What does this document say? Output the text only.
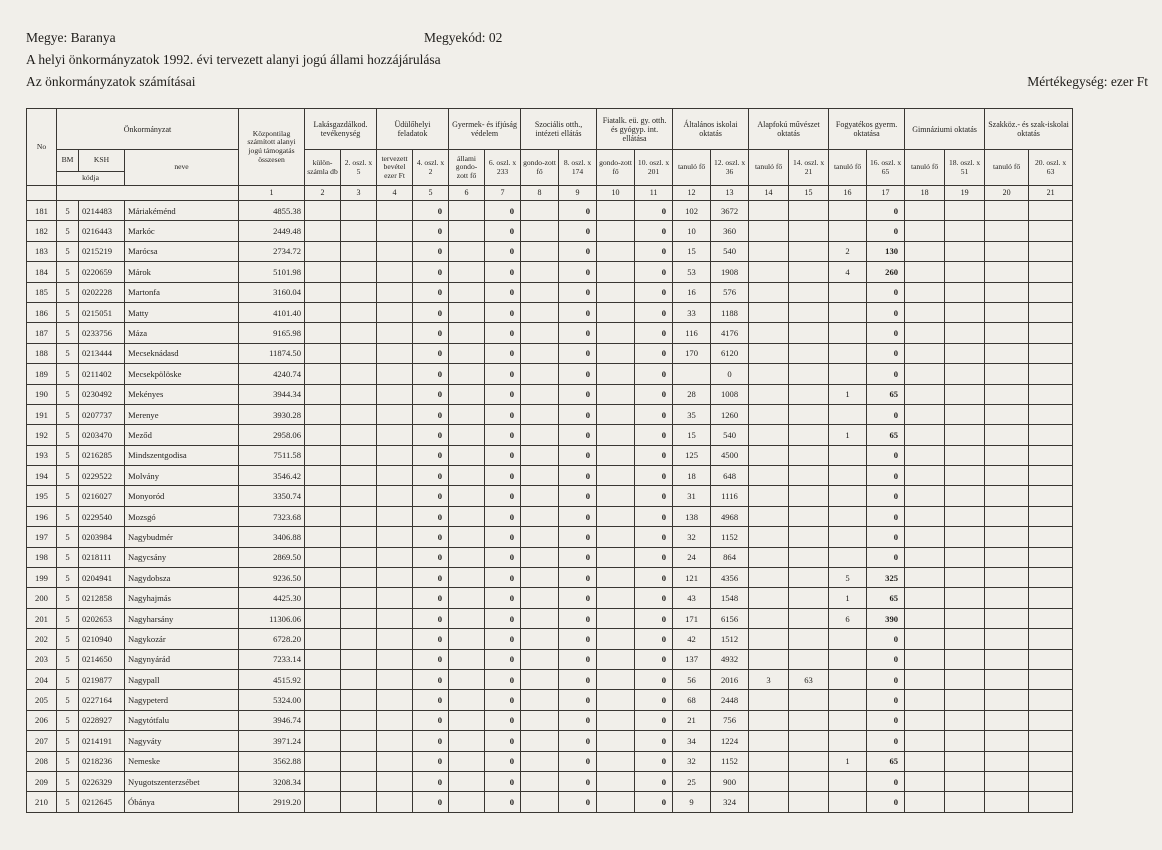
Megye: Baranya	Megyekód: 02
A helyi önkormányzatok 1992. évi tervezett alanyi jogú állami hozzájárulása
Az önkormányzatok számításai	Mértékegység: ezer Ft
No	Önkormányzat			Központilag számított alanyi jogú támogatás összesen	Lakásgazdálkod. tevékenység		Üdülőhelyi feladatok		Gyermek- és ifjúság védelem		Szociális otth., intézeti ellátás		Fiatalk. eü. gy. otth. és gyógyp. int. ellátása		Általános iskolai oktatás		Alapfokú művészet oktatás		Fogyatékos gyerm. oktatása		Gimnáziumi oktatás		Szakköz.- és szak-iskolai oktatás	
	BM	KSH	neve		külön-számla db	2. oszl. x 5	tervezett bevétel ezer Ft	4. oszl. x 2	állami gondo-zott fő	6. oszl. x 233	gondo-zott fő	8. oszl. x 174	gondo-zott fő	10. oszl. x 201	tanuló fő	12. oszl. x 36	tanuló fő	14. oszl. x 21	tanuló fő	16. oszl. x 65	tanuló fő	18. oszl. x 51	tanuló fő	20. oszl. x 63
	kódja																							
				1	2	3	4	5	6	7	8	9	10	11	12	13	14	15	16	17	18	19	20	21
181	5	0214483	Máriakéménd	4855.38				0		0		0		0	102	3672				0				
182	5	0216443	Markóc	2449.48				0		0		0		0	10	360				0				
183	5	0215219	Marócsa	2734.72				0		0		0		0	15	540			2	130				
184	5	0220659	Márok	5101.98				0		0		0		0	53	1908			4	260				
185	5	0202228	Martonfa	3160.04				0		0		0		0	16	576				0				
186	5	0215051	Matty	4101.40				0		0		0		0	33	1188				0				
187	5	0233756	Máza	9165.98				0		0		0		0	116	4176				0				
188	5	0213444	Mecseknádasd	11874.50				0		0		0		0	170	6120				0				
189	5	0211402	Mecsekpölöske	4240.74				0		0		0		0		0				0				
190	5	0230492	Mekényes	3944.34				0		0		0		0	28	1008			1	65				
191	5	0207737	Merenye	3930.28				0		0		0		0	35	1260				0				
192	5	0203470	Meződ	2958.06				0		0		0		0	15	540			1	65				
193	5	0216285	Mindszentgodisa	7511.58				0		0		0		0	125	4500				0				
194	5	0229522	Molvány	3546.42				0		0		0		0	18	648				0				
195	5	0216027	Monyoród	3350.74				0		0		0		0	31	1116				0				
196	5	0229540	Mozsgó	7323.68				0		0		0		0	138	4968				0				
197	5	0203984	Nagybudmér	3406.88				0		0		0		0	32	1152				0				
198	5	0218111	Nagycsány	2869.50				0		0		0		0	24	864				0				
199	5	0204941	Nagydobsza	9236.50				0		0		0		0	121	4356			5	325				
200	5	0212858	Nagyhajmás	4425.30				0		0		0		0	43	1548			1	65				
201	5	0202653	Nagyharsány	11306.06				0		0		0		0	171	6156			6	390				
202	5	0210940	Nagykozár	6728.20				0		0		0		0	42	1512				0				
203	5	0214650	Nagynyárád	7233.14				0		0		0		0	137	4932				0				
204	5	0219877	Nagypall	4515.92				0		0		0		0	56	2016	3	63		0				
205	5	0227164	Nagypeterd	5324.00				0		0		0		0	68	2448				0				
206	5	0228927	Nagytótfalu	3946.74				0		0		0		0	21	756				0				
207	5	0214191	Nagyváty	3971.24				0		0		0		0	34	1224				0				
208	5	0218236	Nemeske	3562.88				0		0		0		0	32	1152			1	65				
209	5	0226329	Nyugotszenterzsébet	3208.34				0		0		0		0	25	900				0				
210	5	0212645	Óbánya	2919.20				0		0		0		0	9	324				0				
